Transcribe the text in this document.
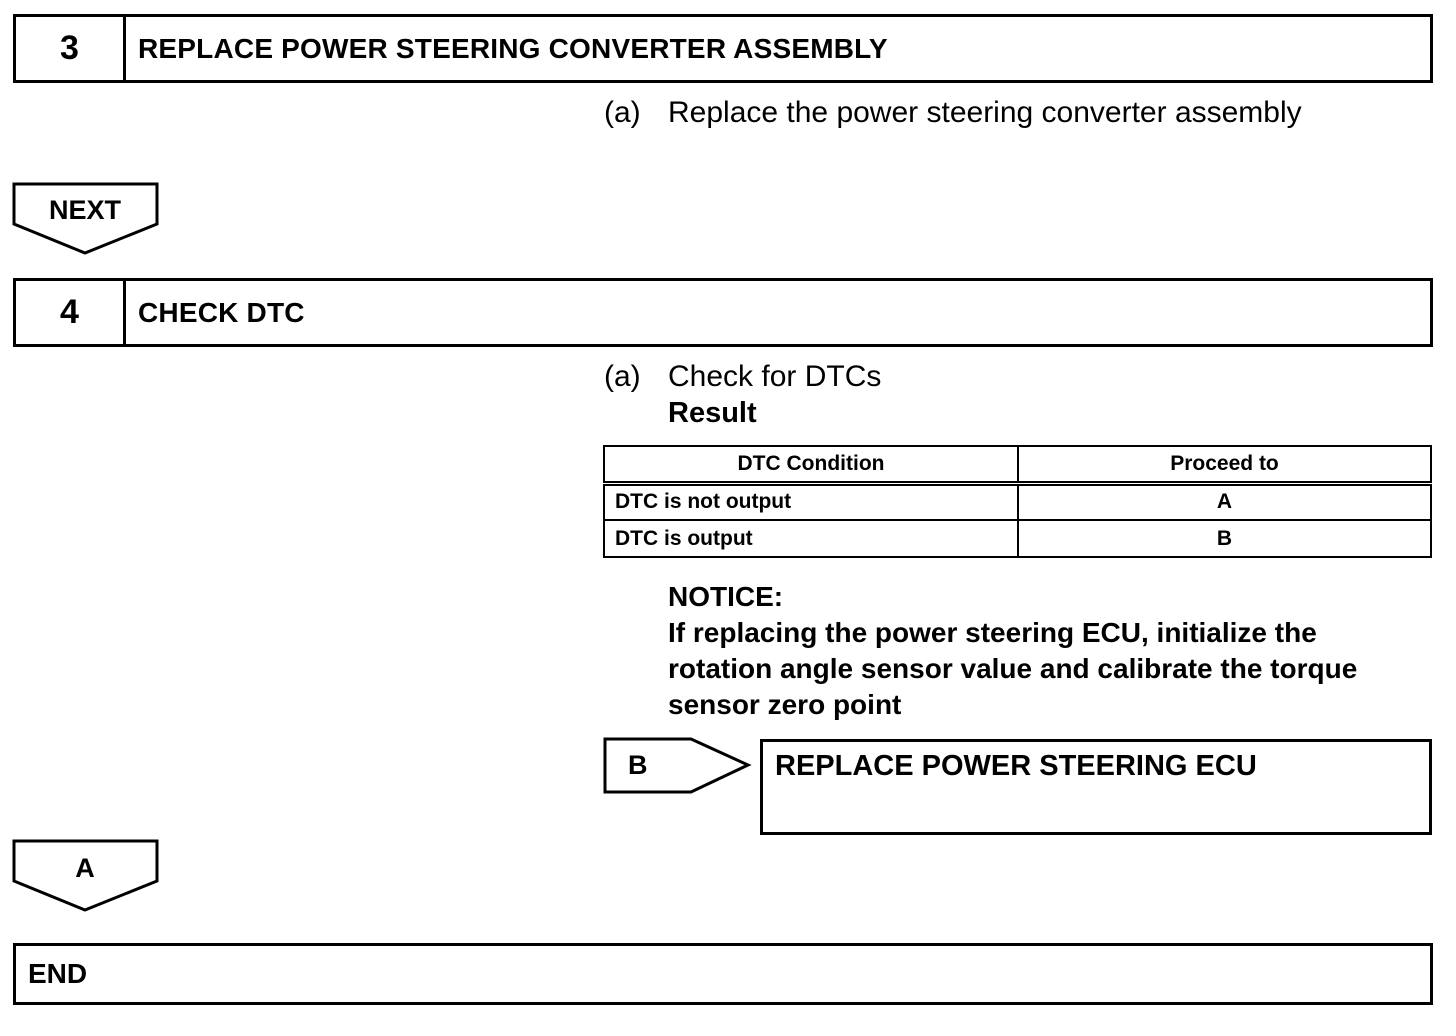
3	REPLACE POWER STEERING CONVERTER ASSEMBLY
(a) Replace the power steering converter assembly
NEXT
4	CHECK DTC
(a) Check for DTCs
Result
DTC Condition	Proceed to
DTC is not output	A
DTC is output	B
NOTICE:
If replacing the power steering ECU, initialize the
rotation angle sensor value and calibrate the torque
sensor zero point
B	REPLACE POWER STEERING ECU
A
END
